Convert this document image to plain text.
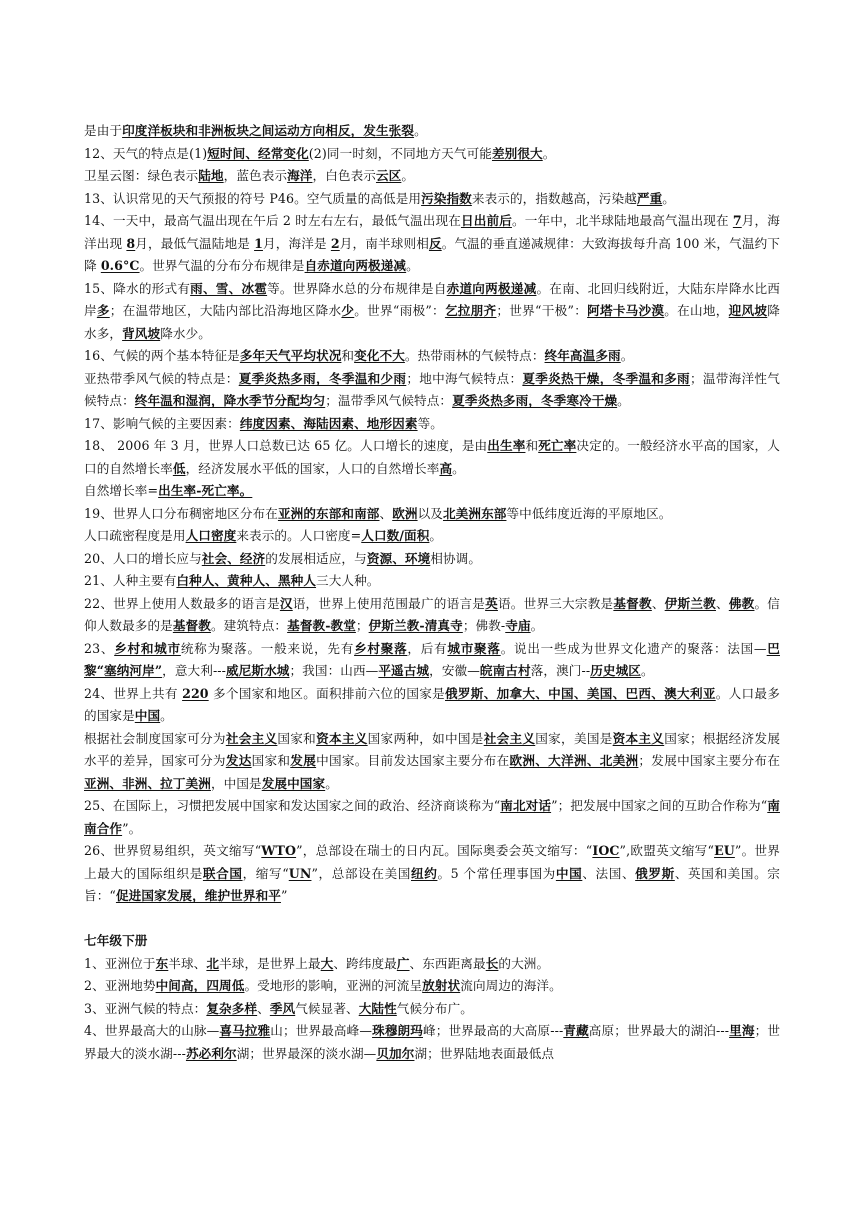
是由于印度洋板块和非洲板块之间运动方向相反，发生张裂。

12、天气的特点是(1)短时间、经常变化(2)同一时刻，不同地方天气可能差别很大。

卫星云图：绿色表示陆地，蓝色表示海洋，白色表示云区。

13、认识常见的天气预报的符号 P46。空气质量的高低是用污染指数来表示的，指数越高，污染越严重。

14、一天中，最高气温出现在午后 2 时左右左右，最低气温出现在日出前后。一年中，北半球陆地最高气温出现在 7月，海洋出现 8月，最低气温陆地是 1月，海洋是 2月，南半球则相反。气温的垂直递减规律：大致海拔每升高 100 米，气温约下降 0.6°C。世界气温的分布分布规律是自赤道向两极递减。

15、降水的形式有雨、雪、冰雹等。世界降水总的分布规律是自赤道向两极递减。在南、北回归线附近，大陆东岸降水比西岸多；在温带地区，大陆内部比沿海地区降水少。世界“雨极”：乞拉朋齐；世界“干极”：阿塔卡马沙漠。在山地，迎风坡降水多，背风坡降水少。

16、气候的两个基本特征是多年天气平均状况和变化不大。热带雨林的气候特点：终年高温多雨。

亚热带季风气候的特点是：夏季炎热多雨，冬季温和少雨；地中海气候特点：夏季炎热干燥，冬季温和多雨；温带海洋性气候特点：终年温和湿润，降水季节分配均匀；温带季风气候特点：夏季炎热多雨，冬季寒冷干燥。

17、影响气候的主要因素：纬度因素、海陆因素、地形因素等。

18、 2006 年 3 月，世界人口总数已达 65 亿。人口增长的速度，是由出生率和死亡率决定的。一般经济水平高的国家，人口的自然增长率低，经济发展水平低的国家，人口的自然增长率高。

自然增长率=出生率-死亡率。

19、世界人口分布稠密地区分布在亚洲的东部和南部、欧洲以及北美洲东部等中低纬度近海的平原地区。

人口疏密程度是用人口密度来表示的。人口密度=人口数/面积。

20、人口的增长应与社会、经济的发展相适应，与资源、环境相协调。

21、人种主要有白种人、黄种人、黑种人三大人种。

22、世界上使用人数最多的语言是汉语，世界上使用范围最广的语言是英语。世界三大宗教是基督教、伊斯兰教、佛教。信仰人数最多的是基督教。建筑特点：基督教-教堂；伊斯兰教-清真寺；佛教-寺庙。

23、乡村和城市统称为聚落。一般来说，先有乡村聚落，后有城市聚落。说出一些成为世界文化遗产的聚落：法国—巴黎“塞纳河岸”，意大利---威尼斯水城；我国：山西—平遥古城，安徽—皖南古村落，澳门--历史城区。

24、世界上共有 220 多个国家和地区。面积排前六位的国家是俄罗斯、加拿大、中国、美国、巴西、澳大利亚。人口最多的国家是中国。

根据社会制度国家可分为社会主义国家和资本主义国家两种，如中国是社会主义国家，美国是资本主义国家；根据经济发展水平的差异，国家可分为发达国家和发展中国家。目前发达国家主要分布在欧洲、大洋洲、北美洲；发展中国家主要分布在亚洲、非洲、拉丁美洲，中国是发展中国家。

25、在国际上，习惯把发展中国家和发达国家之间的政治、经济商谈称为“南北对话”；把发展中国家之间的互助合作称为“南南合作”。

26、世界贸易组织，英文缩写“WTO”，总部设在瑞士的日内瓦。国际奥委会英文缩写：“IOC”,欧盟英文缩写“EU”。世界上最大的国际组织是联合国，缩写“UN”，总部设在美国纽约。5 个常任理事国为中国、法国、俄罗斯、英国和美国。宗旨：“促进国家发展，维护世界和平”

七年级下册

1、亚洲位于东半球、北半球，是世界上最大、跨纬度最广、东西距离最长的大洲。

2、亚洲地势中间高，四周低。受地形的影响，亚洲的河流呈放射状流向周边的海洋。

3、亚洲气候的特点：复杂多样、季风气候显著、大陆性气候分布广。

4、世界最高大的山脉—喜马拉雅山；世界最高峰—珠穆朗玛峰；世界最高的大高原---青藏高原；世界最大的湖泊---里海；世界最大的淡水湖---苏必利尔湖；世界最深的淡水湖—贝加尔湖；世界陆地表面最低点
